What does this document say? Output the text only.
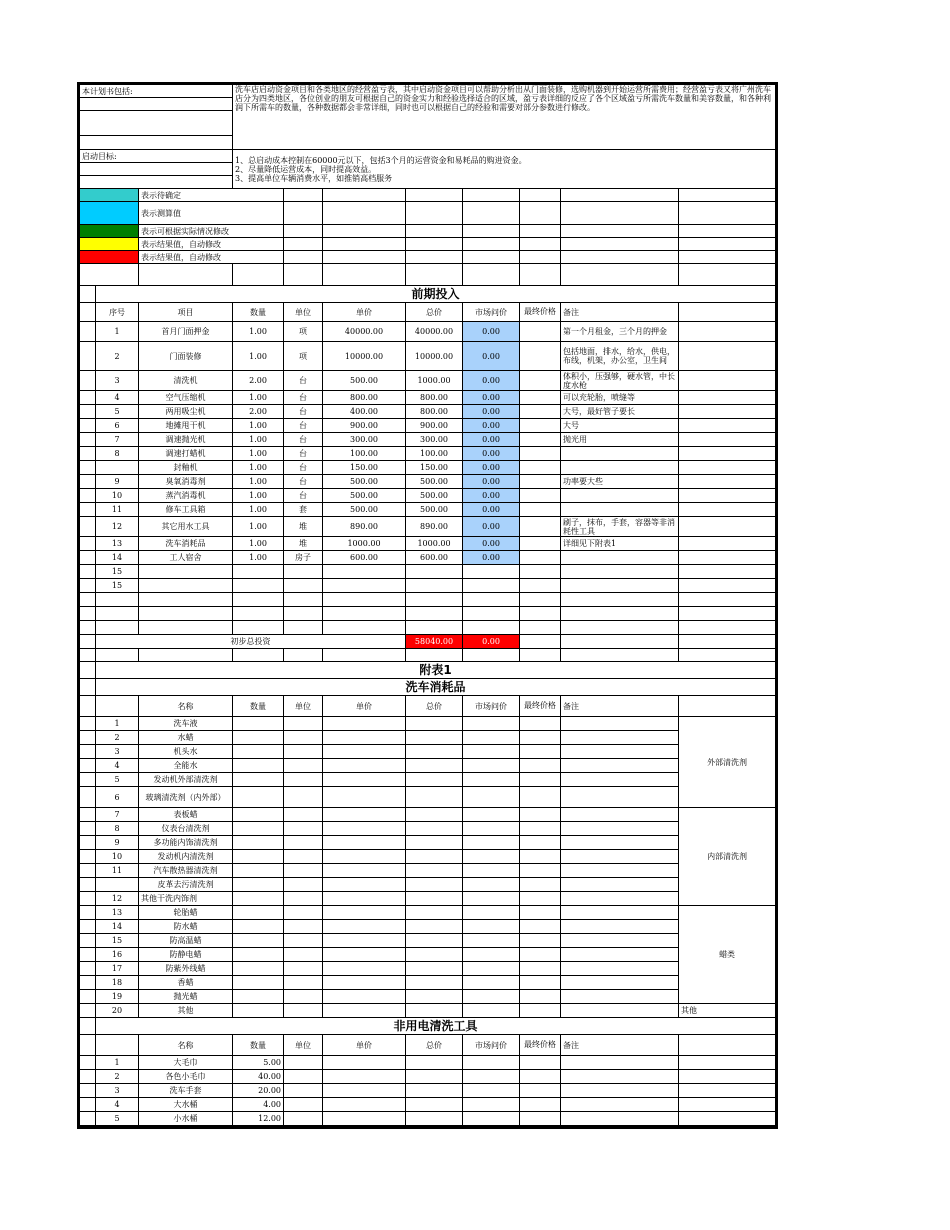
本计划书包括:			洗车店启动资金项目和各类地区的经营盈亏表，其中启动资金项目可以帮助分析出从门面装修，选购机器到开始运营所需费用；经营盈亏表又将广州洗车店分为四类地区，各位创业的朋友可根据自己的资金实力和经验选择适合的区域，盈亏表详细的反应了各个区域盈亏所需洗车数量和美容数量，和各种利润下所需车的数量，各种数据都会非常详细，同时也可以根据自己的经验和需要对部分参数进行修改。							

启动目标:			1、总启动成本控制在60000元以下，包括3个月的运营资金和易耗品的购进资金。
2、尽量降低运营成本，同时提高效益。
3、提高单位车辆消费水平，如推销高档服务							

		表示待确定								
		表示测算值								
		表示可根据实际情况修改								
		表示结果值，自动修改								
		表示结果值，自动修改								

	前期投入									
	序号	项目	数量	单位	单价	总价	市场问价	最终价格	备注	
	1	首月门面押金	1.00	项	40000.00	40000.00	0.00		第一个月租金，三个月的押金	
	2	门面装修	1.00	项	10000.00	10000.00	0.00		包括地面，排水，给水，供电，布线，机架，办公室，卫生间	
	3	清洗机	2.00	台	500.00	1000.00	0.00		体积小，压强够，硬水管，中长度水枪	
	4	空气压缩机	1.00	台	800.00	800.00	0.00		可以充轮胎，喷缝等	
	5	两用吸尘机	2.00	台	400.00	800.00	0.00		大号，最好管子要长	
	6	地摊甩干机	1.00	台	900.00	900.00	0.00		大号	
	7	调速抛光机	1.00	台	300.00	300.00	0.00		抛光用	
	8	调速打蜡机	1.00	台	100.00	100.00	0.00			
		封釉机	1.00	台	150.00	150.00	0.00			
	9	臭氧消毒剂	1.00	台	500.00	500.00	0.00		功率要大些	
	10	蒸汽消毒机	1.00	台	500.00	500.00	0.00			
	11	修车工具箱	1.00	套	500.00	500.00	0.00			
	12	其它用水工具	1.00	堆	890.00	890.00	0.00		刷子，抹布，手套，容器等非消耗性工具	
	13	洗车消耗品	1.00	堆	1000.00	1000.00	0.00		详细见下附表1	
	14	工人宿舍	1.00	房子	600.00	600.00	0.00			
	15									
	15									

	初步总投资					58040.00	0.00			

	附表1									
	洗车消耗品									
		名称	数量	单位	单价	总价	市场问价	最终价格	备注	
	1	洗车液								外部清洗剂
	2	水蜡								
	3	机头水								
	4	全能水								
	5	发动机外部清洗剂								
	6	玻璃清洗剂（内外部）								
	7	表板蜡								内部清洗剂
	8	仪表台清洗剂								
	9	多功能内饰清洗剂								
	10	发动机内清洗剂								
	11	汽车散热器清洗剂								
		皮革去污清洗剂								
	12	其他干洗内饰剂								
	13	轮胎蜡								蜡类
	14	防水蜡								
	15	防高温蜡								
	16	防静电蜡								
	17	防紫外线蜡								
	18	香蜡								
	19	抛光蜡								
	20	其他								其他
	非用电清洗工具									
		名称	数量	单位	单价	总价	市场问价	最终价格	备注	
	1	大毛巾	5.00							
	2	各色小毛巾	40.00							
	3	洗车手套	20.00							
	4	大水桶	4.00							
	5	小水桶	12.00							
